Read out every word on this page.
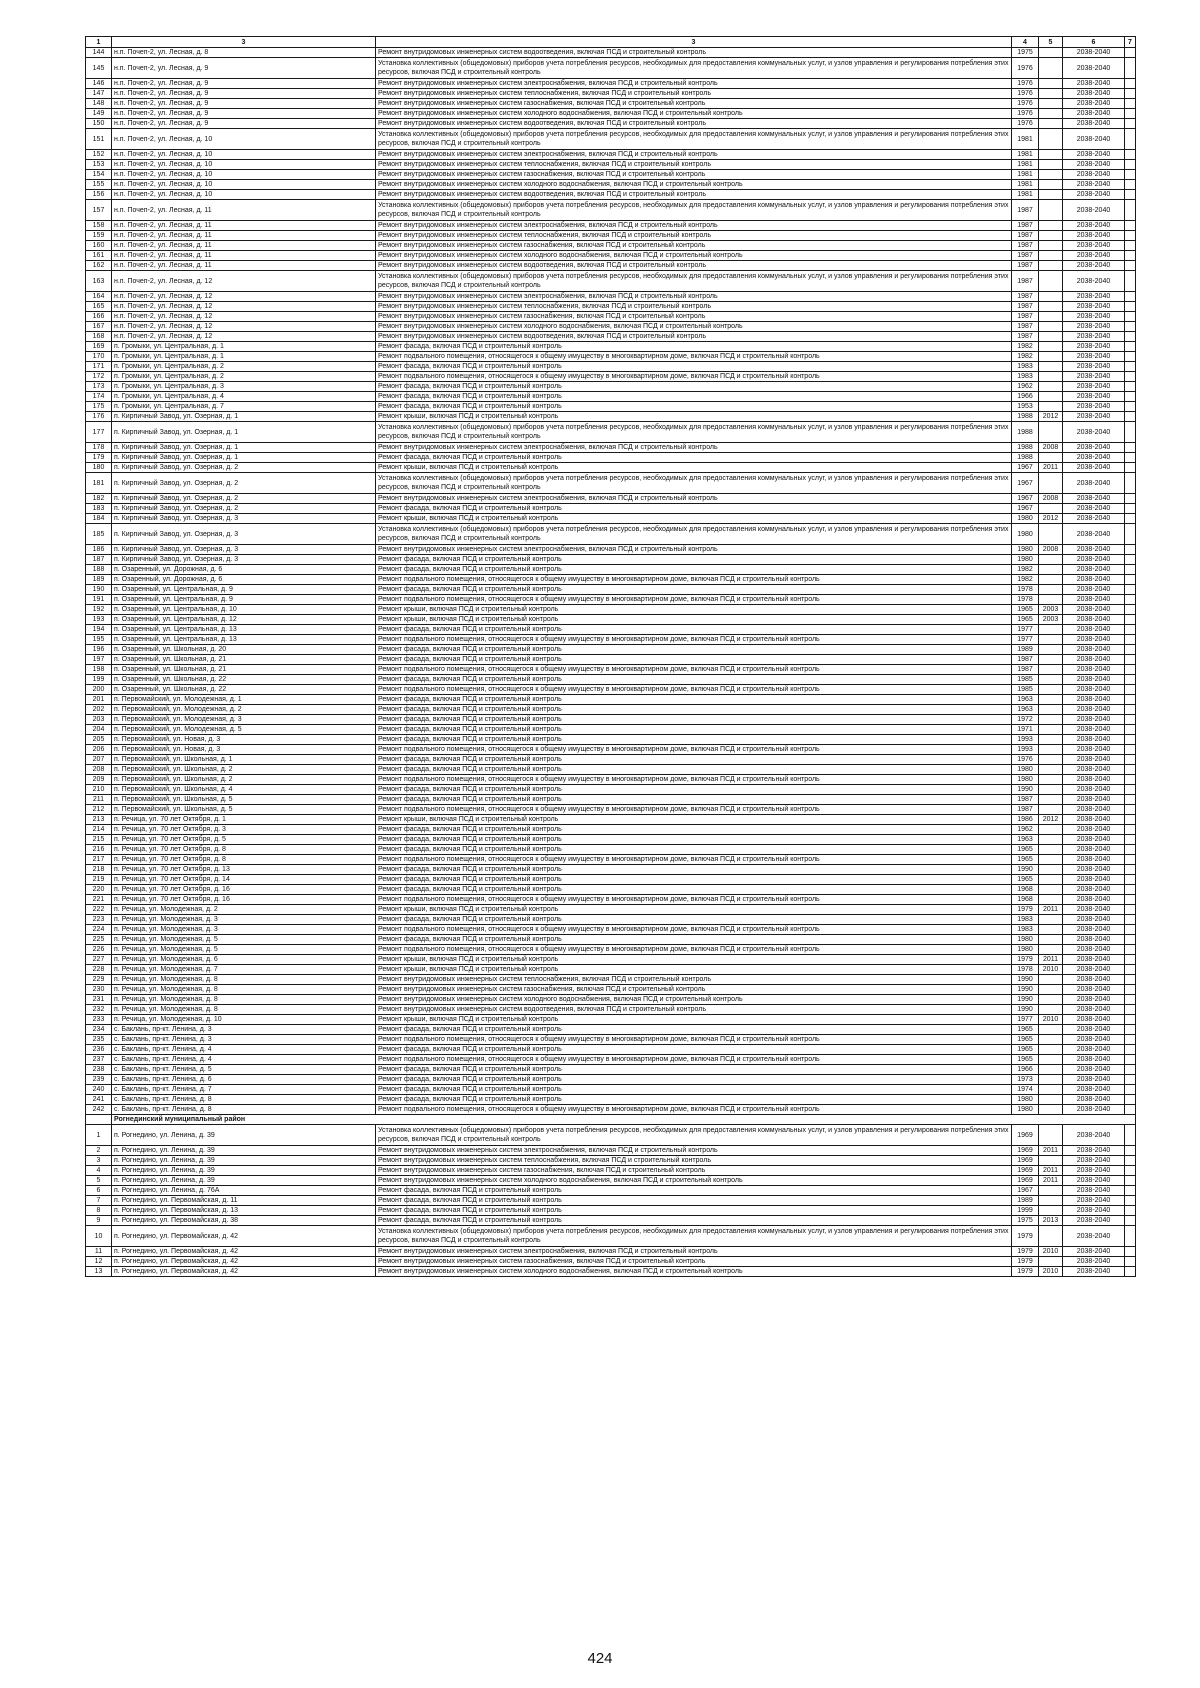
1	3	3	4	5	6	7
144	н.п. Почеп-2, ул. Лесная, д. 8	Ремонт внутридомовых инженерных систем водоотведения, включая ПСД и строительный контроль	1975		2038-2040	
145	н.п. Почеп-2, ул. Лесная, д. 9	Установка коллективных (общедомовых) приборов учета потребления ресурсов, необходимых для предоставления коммунальных услуг, и узлов управления и регулирования потребления этих ресурсов, включая ПСД и строительный контроль	1976		2038-2040	
146	н.п. Почеп-2, ул. Лесная, д. 9	Ремонт внутридомовых инженерных систем электроснабжения, включая ПСД и строительный контроль	1976		2038-2040	
147	н.п. Почеп-2, ул. Лесная, д. 9	Ремонт внутридомовых инженерных систем теплоснабжения, включая ПСД и строительный контроль	1976		2038-2040	
148	н.п. Почеп-2, ул. Лесная, д. 9	Ремонт внутридомовых инженерных систем газоснабжения, включая ПСД и строительный контроль	1976		2038-2040	
149	н.п. Почеп-2, ул. Лесная, д. 9	Ремонт внутридомовых инженерных систем холодного водоснабжения, включая ПСД и строительный контроль	1976		2038-2040	
150	н.п. Почеп-2, ул. Лесная, д. 9	Ремонт внутридомовых инженерных систем водоотведения, включая ПСД и строительный контроль	1976		2038-2040	
151	н.п. Почеп-2, ул. Лесная, д. 10	Установка коллективных (общедомовых) приборов учета потребления ресурсов, необходимых для предоставления коммунальных услуг, и узлов управления и регулирования потребления этих ресурсов, включая ПСД и строительный контроль	1981		2038-2040	
152	н.п. Почеп-2, ул. Лесная, д. 10	Ремонт внутридомовых инженерных систем электроснабжения, включая ПСД и строительный контроль	1981		2038-2040	
153	н.п. Почеп-2, ул. Лесная, д. 10	Ремонт внутридомовых инженерных систем теплоснабжения, включая ПСД и строительный контроль	1981		2038-2040	
154	н.п. Почеп-2, ул. Лесная, д. 10	Ремонт внутридомовых инженерных систем газоснабжения, включая ПСД и строительный контроль	1981		2038-2040	
155	н.п. Почеп-2, ул. Лесная, д. 10	Ремонт внутридомовых инженерных систем холодного водоснабжения, включая ПСД и строительный контроль	1981		2038-2040	
156	н.п. Почеп-2, ул. Лесная, д. 10	Ремонт внутридомовых инженерных систем водоотведения, включая ПСД и строительный контроль	1981		2038-2040	
157	н.п. Почеп-2, ул. Лесная, д. 11	Установка коллективных (общедомовых) приборов учета потребления ресурсов, необходимых для предоставления коммунальных услуг, и узлов управления и регулирования потребления этих ресурсов, включая ПСД и строительный контроль	1987		2038-2040	
158	н.п. Почеп-2, ул. Лесная, д. 11	Ремонт внутридомовых инженерных систем электроснабжения, включая ПСД и строительный контроль	1987		2038-2040	
159	н.п. Почеп-2, ул. Лесная, д. 11	Ремонт внутридомовых инженерных систем теплоснабжения, включая ПСД и строительный контроль	1987		2038-2040	
160	н.п. Почеп-2, ул. Лесная, д. 11	Ремонт внутридомовых инженерных систем газоснабжения, включая ПСД и строительный контроль	1987		2038-2040	
161	н.п. Почеп-2, ул. Лесная, д. 11	Ремонт внутридомовых инженерных систем холодного водоснабжения, включая ПСД и строительный контроль	1987		2038-2040	
162	н.п. Почеп-2, ул. Лесная, д. 11	Ремонт внутридомовых инженерных систем водоотведения, включая ПСД и строительный контроль	1987		2038-2040	
163	н.п. Почеп-2, ул. Лесная, д. 12	Установка коллективных (общедомовых) приборов учета потребления ресурсов, необходимых для предоставления коммунальных услуг, и узлов управления и регулирования потребления этих ресурсов, включая ПСД и строительный контроль	1987		2038-2040	
164	н.п. Почеп-2, ул. Лесная, д. 12	Ремонт внутридомовых инженерных систем электроснабжения, включая ПСД и строительный контроль	1987		2038-2040	
165	н.п. Почеп-2, ул. Лесная, д. 12	Ремонт внутридомовых инженерных систем теплоснабжения, включая ПСД и строительный контроль	1987		2038-2040	
166	н.п. Почеп-2, ул. Лесная, д. 12	Ремонт внутридомовых инженерных систем газоснабжения, включая ПСД и строительный контроль	1987		2038-2040	
167	н.п. Почеп-2, ул. Лесная, д. 12	Ремонт внутридомовых инженерных систем холодного водоснабжения, включая ПСД и строительный контроль	1987		2038-2040	
168	н.п. Почеп-2, ул. Лесная, д. 12	Ремонт внутридомовых инженерных систем водоотведения, включая ПСД и строительный контроль	1987		2038-2040	
169	п. Громыки, ул. Центральная, д. 1	Ремонт фасада, включая ПСД и строительный контроль	1982		2038-2040	
170	п. Громыки, ул. Центральная, д. 1	Ремонт подвального помещения, относящегося к общему имуществу в многоквартирном доме, включая ПСД и строительный контроль	1982		2038-2040	
171	п. Громыки, ул. Центральная, д. 2	Ремонт фасада, включая ПСД и строительный контроль	1983		2038-2040	
172	п. Громыки, ул. Центральная, д. 2	Ремонт подвального помещения, относящегося к общему имуществу в многоквартирном доме, включая ПСД и строительный контроль	1983		2038-2040	
173	п. Громыки, ул. Центральная, д. 3	Ремонт фасада, включая ПСД и строительный контроль	1962		2038-2040	
174	п. Громыки, ул. Центральная, д. 4	Ремонт фасада, включая ПСД и строительный контроль	1966		2038-2040	
175	п. Громыки, ул. Центральная, д. 7	Ремонт фасада, включая ПСД и строительный контроль	1953		2038-2040	
176	п. Кирпичный Завод, ул. Озерная, д. 1	Ремонт крыши, включая ПСД и строительный контроль	1988	2012	2038-2040	
177	п. Кирпичный Завод, ул. Озерная, д. 1	Установка коллективных (общедомовых) приборов учета потребления ресурсов, необходимых для предоставления коммунальных услуг, и узлов управления и регулирования потребления этих ресурсов, включая ПСД и строительный контроль	1988		2038-2040	
178	п. Кирпичный Завод, ул. Озерная, д. 1	Ремонт внутридомовых инженерных систем электроснабжения, включая ПСД и строительный контроль	1988	2008	2038-2040	
179	п. Кирпичный Завод, ул. Озерная, д. 1	Ремонт фасада, включая ПСД и строительный контроль	1988		2038-2040	
180	п. Кирпичный Завод, ул. Озерная, д. 2	Ремонт крыши, включая ПСД и строительный контроль	1967	2011	2038-2040	
181	п. Кирпичный Завод, ул. Озерная, д. 2	Установка коллективных (общедомовых) приборов учета потребления ресурсов, необходимых для предоставления коммунальных услуг, и узлов управления и регулирования потребления этих ресурсов, включая ПСД и строительный контроль	1967		2038-2040	
182	п. Кирпичный Завод, ул. Озерная, д. 2	Ремонт внутридомовых инженерных систем электроснабжения, включая ПСД и строительный контроль	1967	2008	2038-2040	
183	п. Кирпичный Завод, ул. Озерная, д. 2	Ремонт фасада, включая ПСД и строительный контроль	1967		2038-2040	
184	п. Кирпичный Завод, ул. Озерная, д. 3	Ремонт крыши, включая ПСД и строительный контроль	1980	2012	2038-2040	
185	п. Кирпичный Завод, ул. Озерная, д. 3	Установка коллективных (общедомовых) приборов учета потребления ресурсов, необходимых для предоставления коммунальных услуг, и узлов управления и регулирования потребления этих ресурсов, включая ПСД и строительный контроль	1980		2038-2040	
186	п. Кирпичный Завод, ул. Озерная, д. 3	Ремонт внутридомовых инженерных систем электроснабжения, включая ПСД и строительный контроль	1980	2008	2038-2040	
187	п. Кирпичный Завод, ул. Озерная, д. 3	Ремонт фасада, включая ПСД и строительный контроль	1980		2038-2040	
188	п. Озаренный, ул. Дорожная, д. 6	Ремонт фасада, включая ПСД и строительный контроль	1982		2038-2040	
189	п. Озаренный, ул. Дорожная, д. 6	Ремонт подвального помещения, относящегося к общему имуществу в многоквартирном доме, включая ПСД и строительный контроль	1982		2038-2040	
190	п. Озаренный, ул. Центральная, д. 9	Ремонт фасада, включая ПСД и строительный контроль	1978		2038-2040	
191	п. Озаренный, ул. Центральная, д. 9	Ремонт подвального помещения, относящегося к общему имуществу в многоквартирном доме, включая ПСД и строительный контроль	1978		2038-2040	
192	п. Озаренный, ул. Центральная, д. 10	Ремонт крыши, включая ПСД и строительный контроль	1965	2003	2038-2040	
193	п. Озаренный, ул. Центральная, д. 12	Ремонт крыши, включая ПСД и строительный контроль	1965	2003	2038-2040	
194	п. Озаренный, ул. Центральная, д. 13	Ремонт фасада, включая ПСД и строительный контроль	1977		2038-2040	
195	п. Озаренный, ул. Центральная, д. 13	Ремонт подвального помещения, относящегося к общему имуществу в многоквартирном доме, включая ПСД и строительный контроль	1977		2038-2040	
196	п. Озаренный, ул. Школьная, д. 20	Ремонт фасада, включая ПСД и строительный контроль	1989		2038-2040	
197	п. Озаренный, ул. Школьная, д. 21	Ремонт фасада, включая ПСД и строительный контроль	1987		2038-2040	
198	п. Озаренный, ул. Школьная, д. 21	Ремонт подвального помещения, относящегося к общему имуществу в многоквартирном доме, включая ПСД и строительный контроль	1987		2038-2040	
199	п. Озаренный, ул. Школьная, д. 22	Ремонт фасада, включая ПСД и строительный контроль	1985		2038-2040	
200	п. Озаренный, ул. Школьная, д. 22	Ремонт подвального помещения, относящегося к общему имуществу в многоквартирном доме, включая ПСД и строительный контроль	1985		2038-2040	
201	п. Первомайский, ул. Молодежная, д. 1	Ремонт фасада, включая ПСД и строительный контроль	1963		2038-2040	
202	п. Первомайский, ул. Молодежная, д. 2	Ремонт фасада, включая ПСД и строительный контроль	1963		2038-2040	
203	п. Первомайский, ул. Молодежная, д. 3	Ремонт фасада, включая ПСД и строительный контроль	1972		2038-2040	
204	п. Первомайский, ул. Молодежная, д. 5	Ремонт фасада, включая ПСД и строительный контроль	1971		2038-2040	
205	п. Первомайский, ул. Новая, д. 3	Ремонт фасада, включая ПСД и строительный контроль	1993		2038-2040	
206	п. Первомайский, ул. Новая, д. 3	Ремонт подвального помещения, относящегося к общему имуществу в многоквартирном доме, включая ПСД и строительный контроль	1993		2038-2040	
207	п. Первомайский, ул. Школьная, д. 1	Ремонт фасада, включая ПСД и строительный контроль	1976		2038-2040	
208	п. Первомайский, ул. Школьная, д. 2	Ремонт фасада, включая ПСД и строительный контроль	1980		2038-2040	
209	п. Первомайский, ул. Школьная, д. 2	Ремонт подвального помещения, относящегося к общему имуществу в многоквартирном доме, включая ПСД и строительный контроль	1980		2038-2040	
210	п. Первомайский, ул. Школьная, д. 4	Ремонт фасада, включая ПСД и строительный контроль	1990		2038-2040	
211	п. Первомайский, ул. Школьная, д. 5	Ремонт фасада, включая ПСД и строительный контроль	1987		2038-2040	
212	п. Первомайский, ул. Школьная, д. 5	Ремонт подвального помещения, относящегося к общему имуществу в многоквартирном доме, включая ПСД и строительный контроль	1987		2038-2040	
213	п. Речица, ул. 70 лет Октября, д. 1	Ремонт крыши, включая ПСД и строительный контроль	1986	2012	2038-2040	
214	п. Речица, ул. 70 лет Октября, д. 3	Ремонт фасада, включая ПСД и строительный контроль	1962		2038-2040	
215	п. Речица, ул. 70 лет Октября, д. 5	Ремонт фасада, включая ПСД и строительный контроль	1963		2038-2040	
216	п. Речица, ул. 70 лет Октября, д. 8	Ремонт фасада, включая ПСД и строительный контроль	1965		2038-2040	
217	п. Речица, ул. 70 лет Октября, д. 8	Ремонт подвального помещения, относящегося к общему имуществу в многоквартирном доме, включая ПСД и строительный контроль	1965		2038-2040	
218	п. Речица, ул. 70 лет Октября, д. 13	Ремонт фасада, включая ПСД и строительный контроль	1990		2038-2040	
219	п. Речица, ул. 70 лет Октября, д. 14	Ремонт фасада, включая ПСД и строительный контроль	1965		2038-2040	
220	п. Речица, ул. 70 лет Октября, д. 16	Ремонт фасада, включая ПСД и строительный контроль	1968		2038-2040	
221	п. Речица, ул. 70 лет Октября, д. 16	Ремонт подвального помещения, относящегося к общему имуществу в многоквартирном доме, включая ПСД и строительный контроль	1968		2038-2040	
222	п. Речица, ул. Молодежная, д. 2	Ремонт крыши, включая ПСД и строительный контроль	1979	2011	2038-2040	
223	п. Речица, ул. Молодежная, д. 3	Ремонт фасада, включая ПСД и строительный контроль	1983		2038-2040	
224	п. Речица, ул. Молодежная, д. 3	Ремонт подвального помещения, относящегося к общему имуществу в многоквартирном доме, включая ПСД и строительный контроль	1983		2038-2040	
225	п. Речица, ул. Молодежная, д. 5	Ремонт фасада, включая ПСД и строительный контроль	1980		2038-2040	
226	п. Речица, ул. Молодежная, д. 5	Ремонт подвального помещения, относящегося к общему имуществу в многоквартирном доме, включая ПСД и строительный контроль	1980		2038-2040	
227	п. Речица, ул. Молодежная, д. 6	Ремонт крыши, включая ПСД и строительный контроль	1979	2011	2038-2040	
228	п. Речица, ул. Молодежная, д. 7	Ремонт крыши, включая ПСД и строительный контроль	1978	2010	2038-2040	
229	п. Речица, ул. Молодежная, д. 8	Ремонт внутридомовых инженерных систем теплоснабжения, включая ПСД и строительный контроль	1990		2038-2040	
230	п. Речица, ул. Молодежная, д. 8	Ремонт внутридомовых инженерных систем газоснабжения, включая ПСД и строительный контроль	1990		2038-2040	
231	п. Речица, ул. Молодежная, д. 8	Ремонт внутридомовых инженерных систем холодного водоснабжения, включая ПСД и строительный контроль	1990		2038-2040	
232	п. Речица, ул. Молодежная, д. 8	Ремонт внутридомовых инженерных систем водоотведения, включая ПСД и строительный контроль	1990		2038-2040	
233	п. Речица, ул. Молодежная, д. 10	Ремонт крыши, включая ПСД и строительный контроль	1977	2010	2038-2040	
234	с. Баклань, пр-кт. Ленина, д. 3	Ремонт фасада, включая ПСД и строительный контроль	1965		2038-2040	
235	с. Баклань, пр-кт. Ленина, д. 3	Ремонт подвального помещения, относящегося к общему имуществу в многоквартирном доме, включая ПСД и строительный контроль	1965		2038-2040	
236	с. Баклань, пр-кт. Ленина, д. 4	Ремонт фасада, включая ПСД и строительный контроль	1965		2038-2040	
237	с. Баклань, пр-кт. Ленина, д. 4	Ремонт подвального помещения, относящегося к общему имуществу в многоквартирном доме, включая ПСД и строительный контроль	1965		2038-2040	
238	с. Баклань, пр-кт. Ленина, д. 5	Ремонт фасада, включая ПСД и строительный контроль	1966		2038-2040	
239	с. Баклань, пр-кт. Ленина, д. 6	Ремонт фасада, включая ПСД и строительный контроль	1973		2038-2040	
240	с. Баклань, пр-кт. Ленина, д. 7	Ремонт фасада, включая ПСД и строительный контроль	1974		2038-2040	
241	с. Баклань, пр-кт. Ленина, д. 8	Ремонт фасада, включая ПСД и строительный контроль	1980		2038-2040	
242	с. Баклань, пр-кт. Ленина, д. 8	Ремонт подвального помещения, относящегося к общему имуществу в многоквартирном доме, включая ПСД и строительный контроль	1980		2038-2040	
	Рогнединский муниципальный район					
1	п. Рогнедино, ул. Ленина, д. 39	Установка коллективных (общедомовых) приборов учета потребления ресурсов, необходимых для предоставления коммунальных услуг, и узлов управления и регулирования потребления этих ресурсов, включая ПСД и строительный контроль	1969		2038-2040	
2	п. Рогнедино, ул. Ленина, д. 39	Ремонт внутридомовых инженерных систем электроснабжения, включая ПСД и строительный контроль	1969	2011	2038-2040	
3	п. Рогнедино, ул. Ленина, д. 39	Ремонт внутридомовых инженерных систем теплоснабжения, включая ПСД и строительный контроль	1969		2038-2040	
4	п. Рогнедино, ул. Ленина, д. 39	Ремонт внутридомовых инженерных систем газоснабжения, включая ПСД и строительный контроль	1969	2011	2038-2040	
5	п. Рогнедино, ул. Ленина, д. 39	Ремонт внутридомовых инженерных систем холодного водоснабжения, включая ПСД и строительный контроль	1969	2011	2038-2040	
6	п. Рогнедино, ул. Ленина, д. 76А	Ремонт фасада, включая ПСД и строительный контроль	1967		2038-2040	
7	п. Рогнедино, ул. Первомайская, д. 11	Ремонт фасада, включая ПСД и строительный контроль	1989		2038-2040	
8	п. Рогнедино, ул. Первомайская, д. 13	Ремонт фасада, включая ПСД и строительный контроль	1999		2038-2040	
9	п. Рогнедино, ул. Первомайская, д. 38	Ремонт фасада, включая ПСД и строительный контроль	1975	2013	2038-2040	
10	п. Рогнедино, ул. Первомайская, д. 42	Установка коллективных (общедомовых) приборов учета потребления ресурсов, необходимых для предоставления коммунальных услуг, и узлов управления и регулирования потребления этих ресурсов, включая ПСД и строительный контроль	1979		2038-2040	
11	п. Рогнедино, ул. Первомайская, д. 42	Ремонт внутридомовых инженерных систем электроснабжения, включая ПСД и строительный контроль	1979	2010	2038-2040	
12	п. Рогнедино, ул. Первомайская, д. 42	Ремонт внутридомовых инженерных систем газоснабжения, включая ПСД и строительный контроль	1979		2038-2040	
13	п. Рогнедино, ул. Первомайская, д. 42	Ремонт внутридомовых инженерных систем холодного водоснабжения, включая ПСД и строительный контроль	1979	2010	2038-2040	
424
